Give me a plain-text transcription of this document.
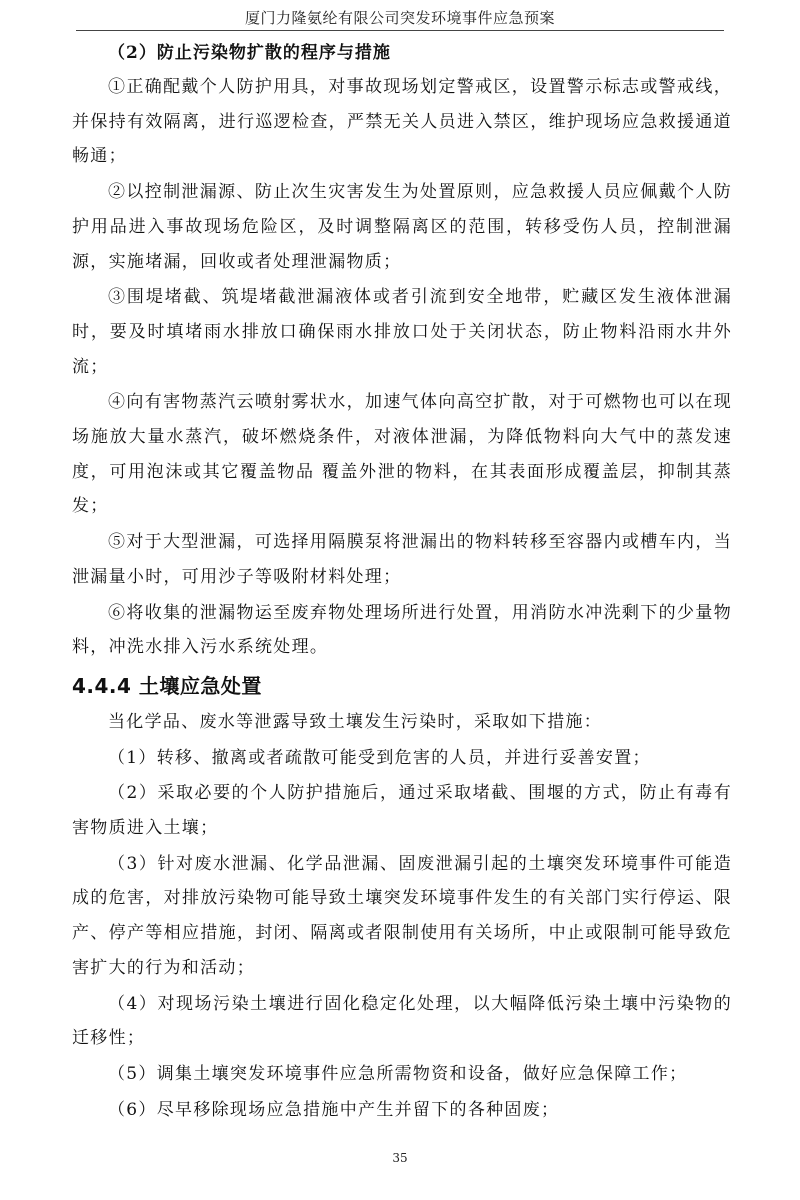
厦门力隆氨纶有限公司突发环境事件应急预案
（2）防止污染物扩散的程序与措施

①正确配戴个人防护用具，对事故现场划定警戒区，设置警示标志或警戒线，并保持有效隔离，进行巡逻检查，严禁无关人员进入禁区，维护现场应急救援通道畅通；

②以控制泄漏源、防止次生灾害发生为处置原则，应急救援人员应佩戴个人防护用品进入事故现场危险区，及时调整隔离区的范围，转移受伤人员，控制泄漏源，实施堵漏，回收或者处理泄漏物质；

③围堤堵截、筑堤堵截泄漏液体或者引流到安全地带，贮藏区发生液体泄漏时，要及时填堵雨水排放口确保雨水排放口处于关闭状态，防止物料沿雨水井外流；

④向有害物蒸汽云喷射雾状水，加速气体向高空扩散，对于可燃物也可以在现场施放大量水蒸汽，破坏燃烧条件，对液体泄漏，为降低物料向大气中的蒸发速度，可用泡沫或其它覆盖物品 覆盖外泄的物料，在其表面形成覆盖层，抑制其蒸发；

⑤对于大型泄漏，可选择用隔膜泵将泄漏出的物料转移至容器内或槽车内，当泄漏量小时，可用沙子等吸附材料处理；

⑥将收集的泄漏物运至废弃物处理场所进行处置，用消防水冲洗剩下的少量物料，冲洗水排入污水系统处理。

4.4.4 土壤应急处置

当化学品、废水等泄露导致土壤发生污染时，采取如下措施：

（1）转移、撤离或者疏散可能受到危害的人员，并进行妥善安置；

（2）采取必要的个人防护措施后，通过采取堵截、围堰的方式，防止有毒有害物质进入土壤；

（3）针对废水泄漏、化学品泄漏、固废泄漏引起的土壤突发环境事件可能造成的危害，对排放污染物可能导致土壤突发环境事件发生的有关部门实行停运、限产、停产等相应措施，封闭、隔离或者限制使用有关场所，中止或限制可能导致危害扩大的行为和活动；

（4）对现场污染土壤进行固化稳定化处理，以大幅降低污染土壤中污染物的迁移性；

（5）调集土壤突发环境事件应急所需物资和设备，做好应急保障工作；

（6）尽早移除现场应急措施中产生并留下的各种固废；

35
